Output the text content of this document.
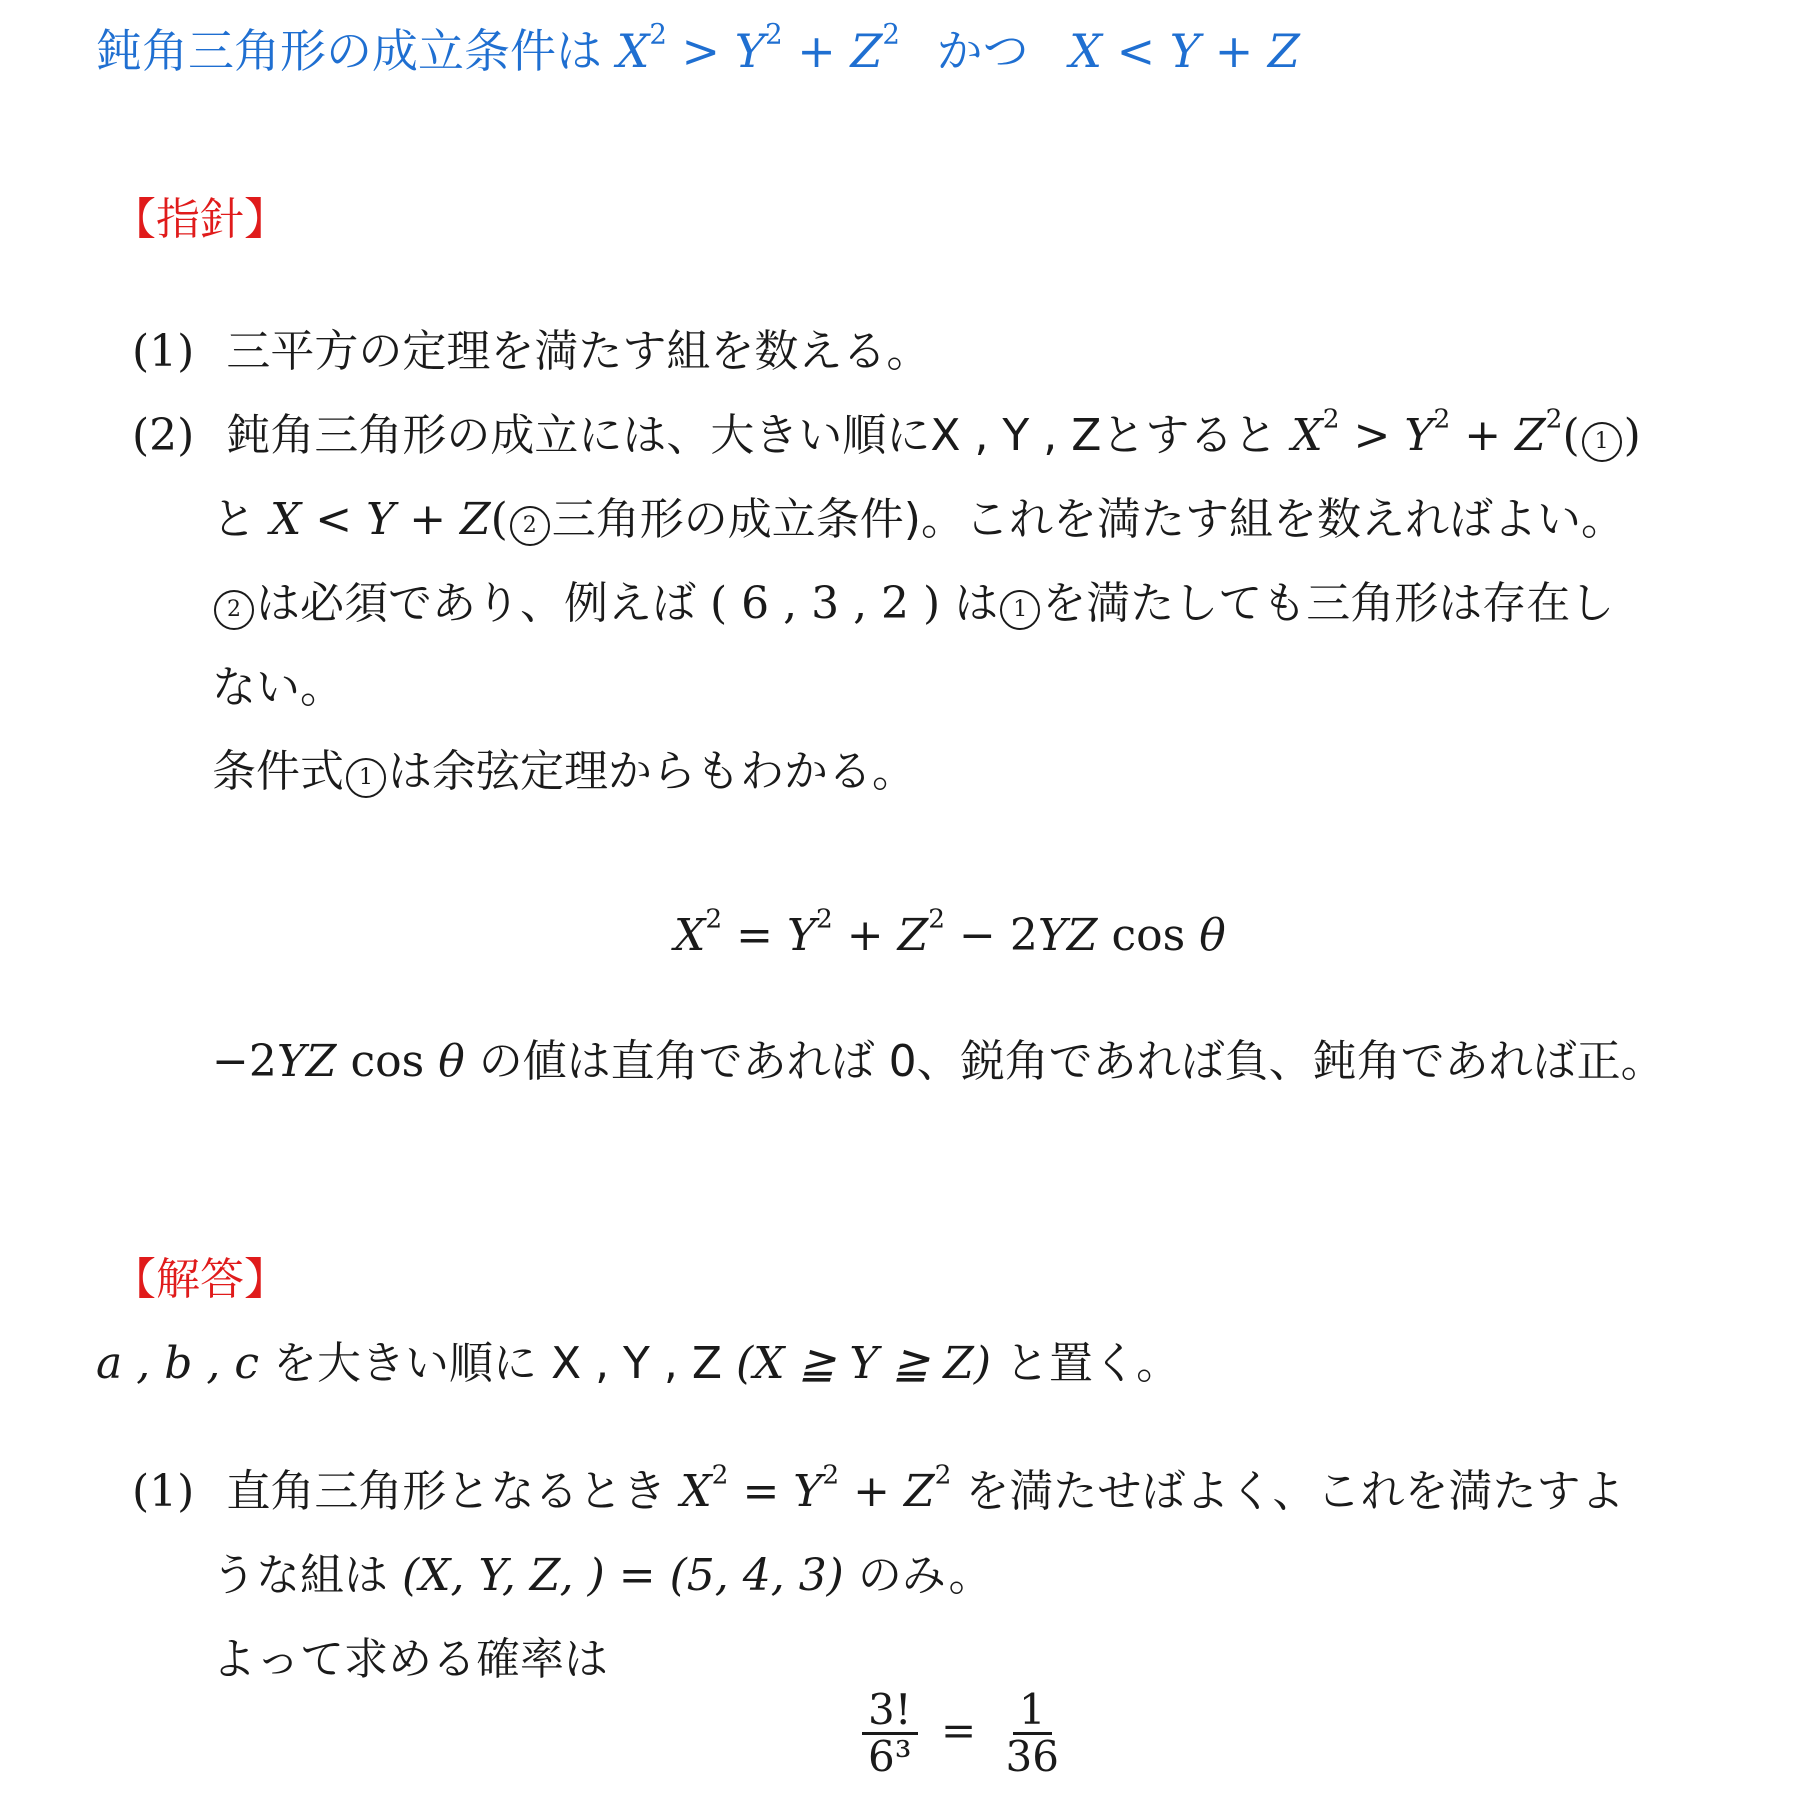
鈍角三角形の成立条件は $X^2 > Y^2 + Z^2$ かつ X < Y + Z
【指針】
(1) 三平方の定理を満たす組を数える。
(2) 鈍角三角形の成立には、大きい順にX , Y , Zとすると $X^2 > Y^2 + Z^2$( 1 )
と X < Y + Z( 2 三角形の成立条件)。これを満たす組を数えればよい。
2 は必須であり、例えば ( 6 , 3 , 2 ) は 1 を満たしても三角形は存在し
ない。
条件式 1 は余弦定理からもわかる。
$X^2 = Y^2 + Z^2 - 2YZ$ cos θ
−2YZ cos θ の値は直角であれば 0、鋭角であれば負、鈍角であれば正。
【解答】
a , b , c を大きい順に X , Y , Z (X ≧ Y ≧ Z) と置く。
(1) 直角三角形となるとき $X^2 = Y^2 + Z^2$ を満たせばよく、これを満たすよ
うな組は (X, Y, Z, ) = (5, 4, 3) のみ。
よって求める確率は
$\frac{3!}{\text{6³}} = \frac{1}{36}$
